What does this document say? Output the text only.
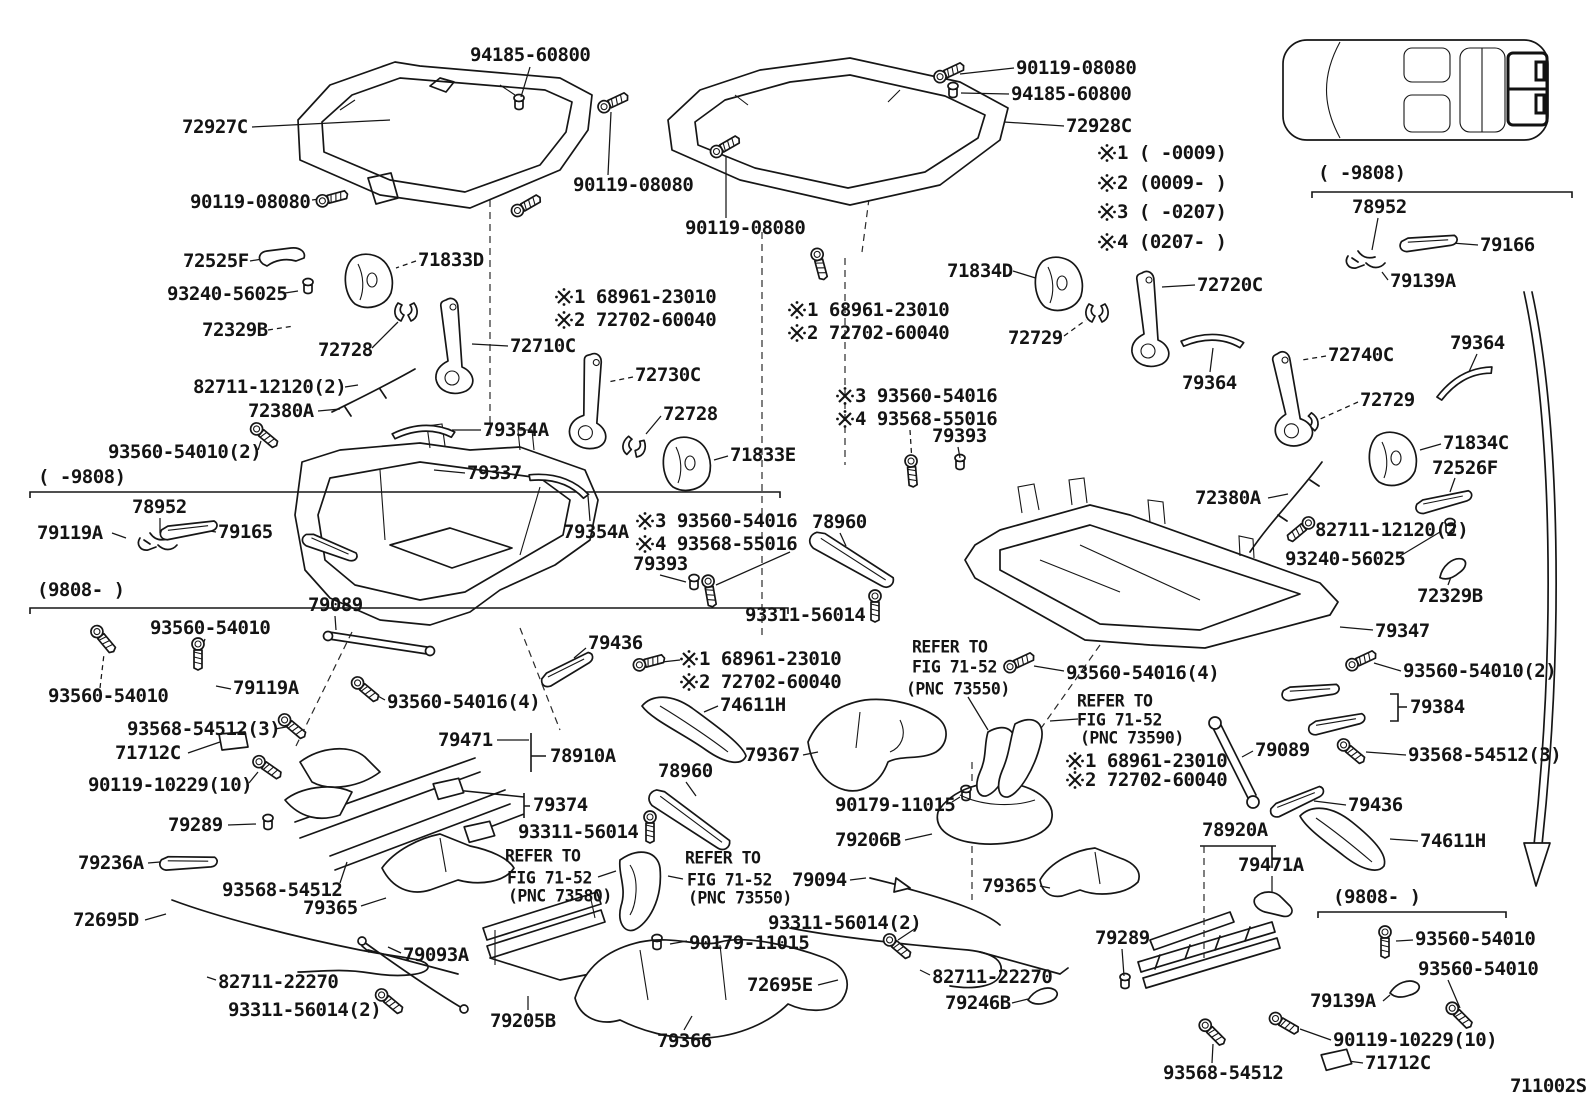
94185-60800
72927C
90119-08080
90119-08080
90119-08080
90119-08080
94185-60800
72928C
( -9808)
78952
79166
79139A
72525F	71833D
93240-56025
72329B
72728	72710C
1 68961-23010
2 72702-60040	1 68961-23010
2 72702-60040
72730C
72728
71834D
72729
72720C
79364
72740C
79364
72729
71834C
72526F
82711-12120(2)
72380A
3 93560-54016
4 93568-55016
79354A
79337
71833E
79354A 3 93560-54016
4 93568-55016
79393
78960
79393
93560-54010(2)
( -9808)
78952
79119A	79165
(9808- )
79089
93560-54010
93560-54010	79119A
93560-54016(4)
79347
93560-54016(4)	93560-54010(2)
79384
93568-54512(3)
79089
93311-56014
79436
1 68961-23010
2 72702-60040
74611H
REFER TO
FIG 71-52
(PNC 73550)
REFER TO
FIG 71-52
(PNC 73590)
1 68961-23010
2 72702-60040
79367
90179-11015
79206B	78920A
79471A
79436
74611H
(9808- )
79365
79365
79094
93311-56014(2)
72695E
REFER TO
FIG 71-52
(PNC 73580)
REFER TO
FIG 71-52
(PNC 73550)
79236A
93568-54512
72695D
79093A
82711-22270
93311-56014(2)	79205B
79366
82711-22270
79246B
79289
79139A
93560-54010
93560-54010
90119-10229(10)
93568-54512	71712C
79289
79471
78910A
79374
93311-56014
93568-54512(3)
71712C
90119-10229(10)
93240-56025
72329B
82711-12120(2)
72380A
78960
90179-11015
711002S
1 ( -0009)
2 (0009- )
3 ( -0207)
4 (0207- )
